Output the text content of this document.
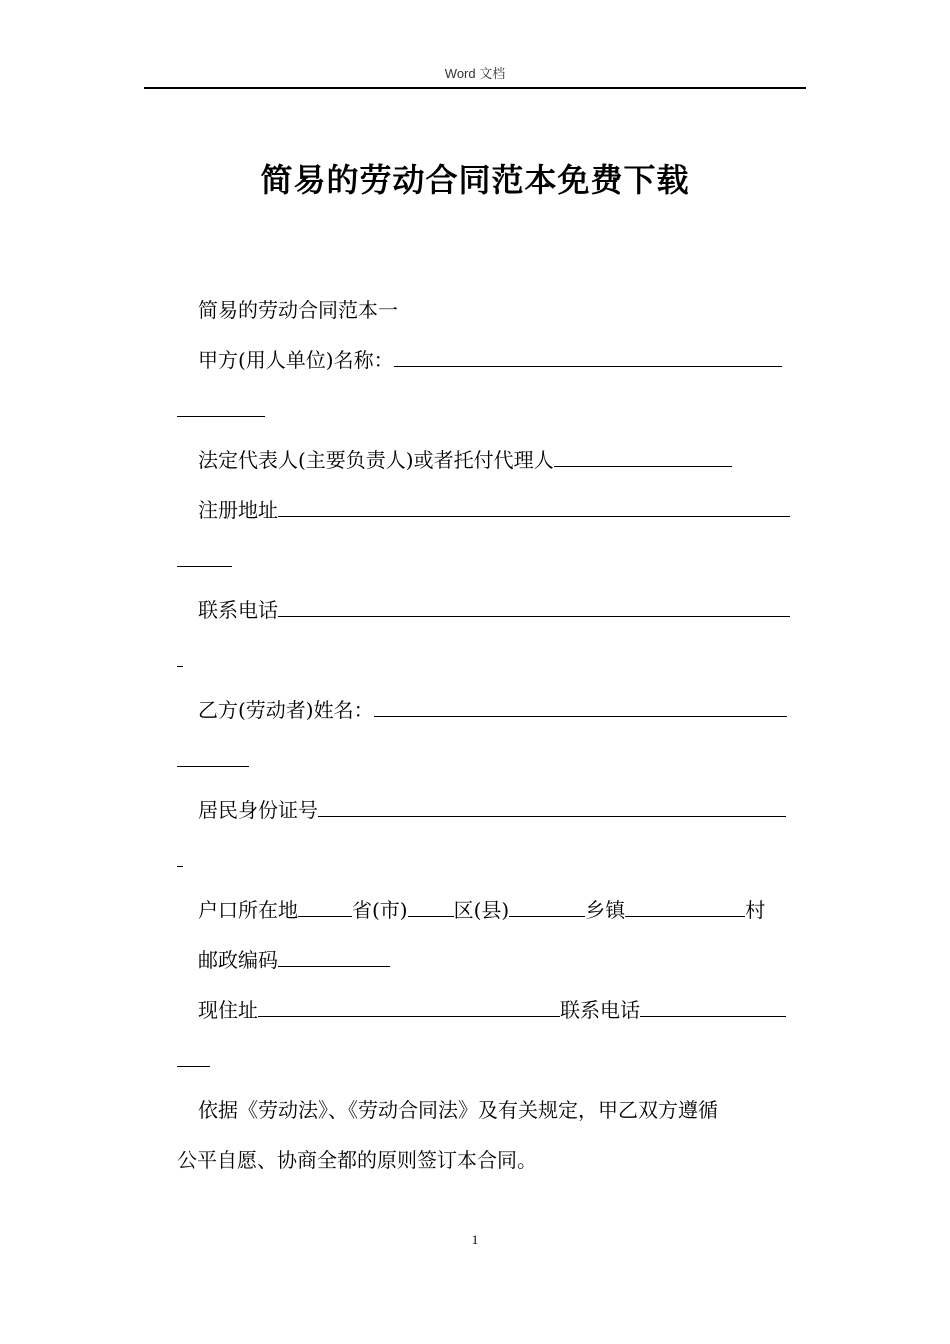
Word 文档
简易的劳动合同范本免费下载
简易的劳动合同范本一
甲方(用人单位)名称：
法定代表人(主要负责人)或者托付代理人
注册地址
联系电话
乙方(劳动者)姓名：
居民身份证号
户口所在地	省(市) 区(县)	乡镇	村
邮政编码
现住址	联系电话
依据《劳动法》、《劳动合同法》及有关规定，甲乙双方遵循
公平自愿、协商全都的原则签订本合同。
1
